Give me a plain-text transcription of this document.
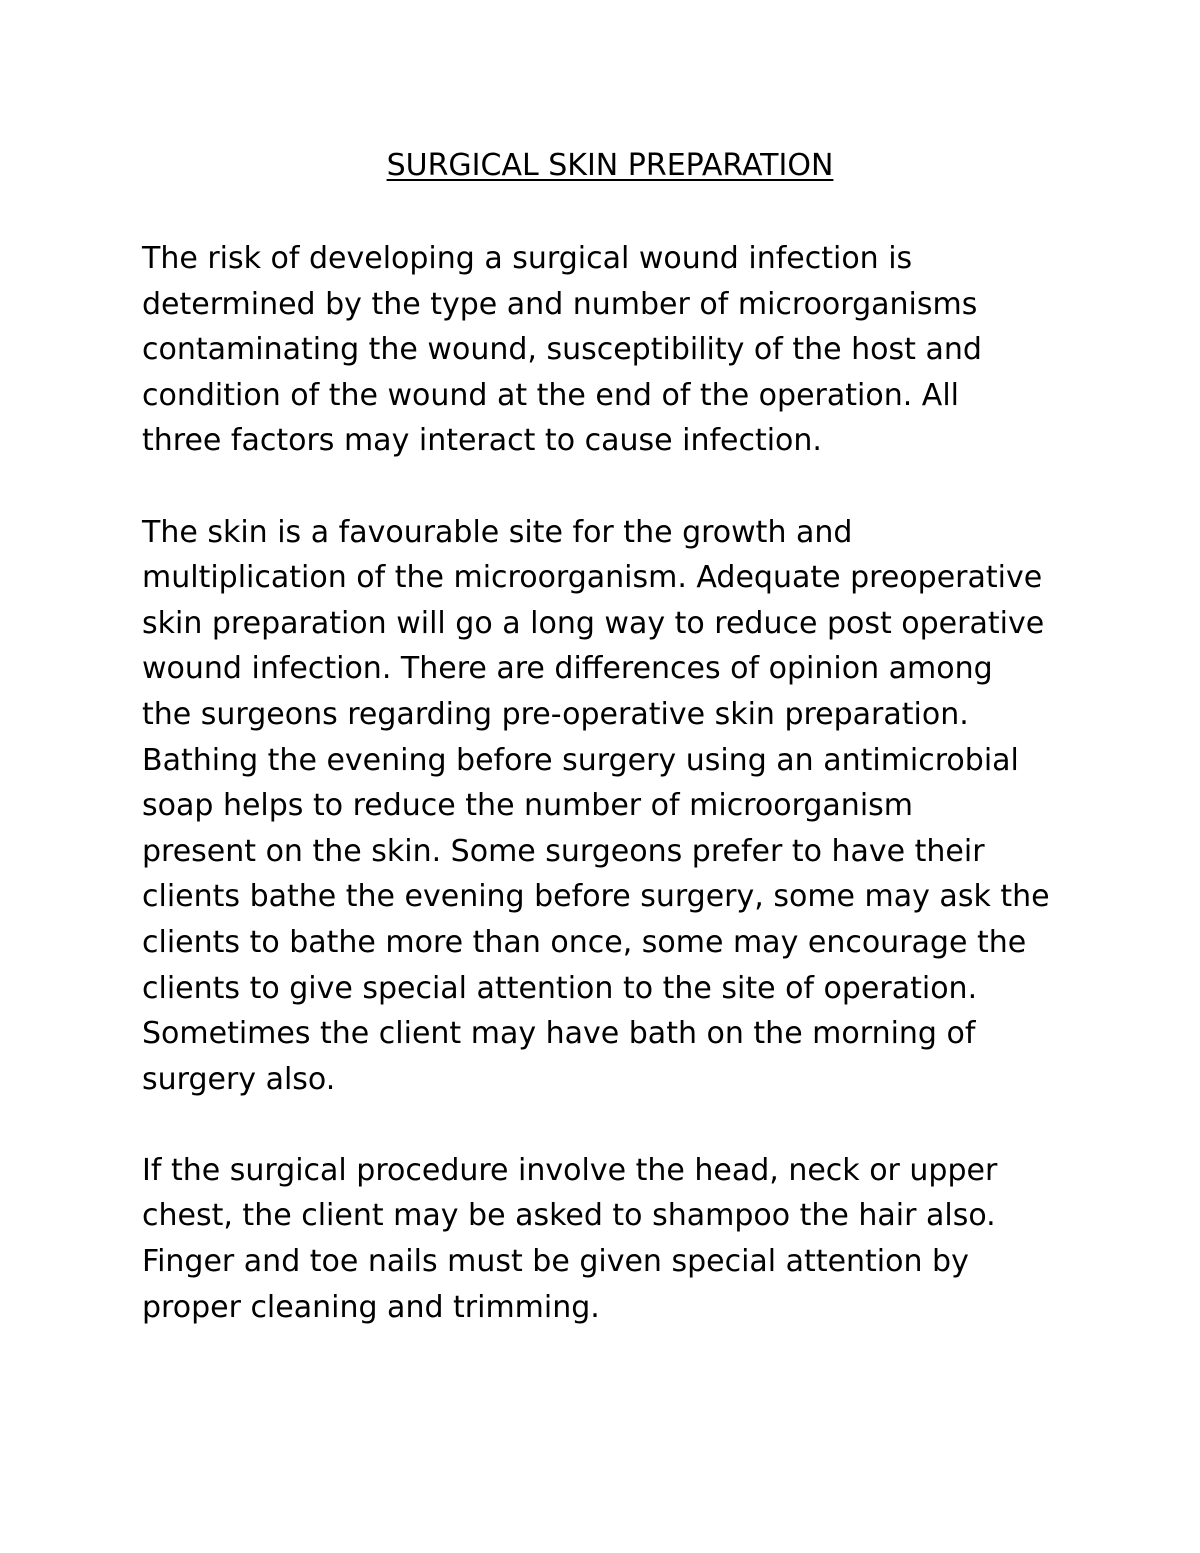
SURGICAL SKIN PREPARATION
The risk of developing a surgical wound infection is
determined by the type and number of microorganisms
contaminating the wound, susceptibility of the host and
condition of the wound at the end of the operation. All
three factors may interact to cause infection.
The skin is a favourable site for the growth and
multiplication of the microorganism. Adequate preoperative
skin preparation will go a long way to reduce post operative
wound infection. There are differences of opinion among
the surgeons regarding pre-operative skin preparation.
Bathing the evening before surgery using an antimicrobial
soap helps to reduce the number of microorganism
present on the skin. Some surgeons prefer to have their
clients bathe the evening before surgery, some may ask the
clients to bathe more than once, some may encourage the
clients to give special attention to the site of operation.
Sometimes the client may have bath on the morning of
surgery also.
If the surgical procedure involve the head, neck or upper
chest, the client may be asked to shampoo the hair also.
Finger and toe nails must be given special attention by
proper cleaning and trimming.
